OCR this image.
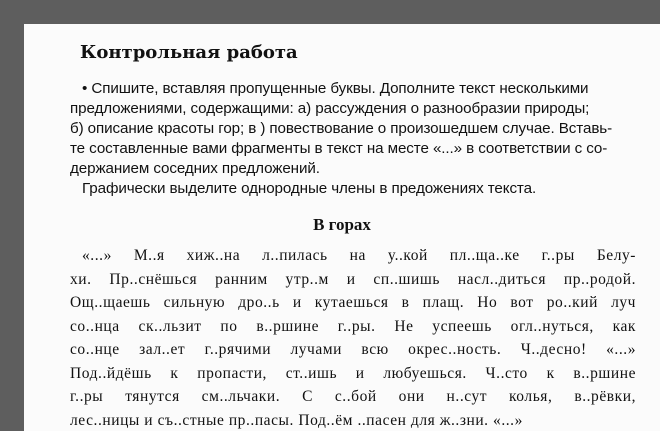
Контрольная работа
• Спишите, вставляя пропущенные буквы. Дополните текст несколькими
предложениями, содержащими: а) рассуждения о разнообразии природы;
б) описание красоты гор; в ) повествование о произошедшем случае. Вставь-
те составленные вами фрагменты в текст на месте «...» в соответствии с со-
держанием соседних предложений.
Графически выделите однородные члены в предожениях текста.
В горах
«...» М..я хиж..на л..пилась на у..кой пл..ща..ке г..ры Белу-
хи. Пр..снёшься ранним утр..м и сп..шишь насл..диться пр..родой.
Ощ..щаешь сильную дро..ь и кутаешься в плащ. Но вот ро..кий луч
со..нца ск..льзит по в..ршине г..ры. Не успеешь огл..нуться, как
со..нце зал..ет г..рячими лучами всю окрес..ность. Ч..десно! «...»
Под..йдёшь к пропасти, ст..ишь и любуешься. Ч..сто к в..ршине
г..ры тянутся см..льчаки. С с..бой они н..сут колья, в..рёвки,
лес..ницы и съ..стные пр..пасы. Под..ём ..пасен для ж..зни. «...»
